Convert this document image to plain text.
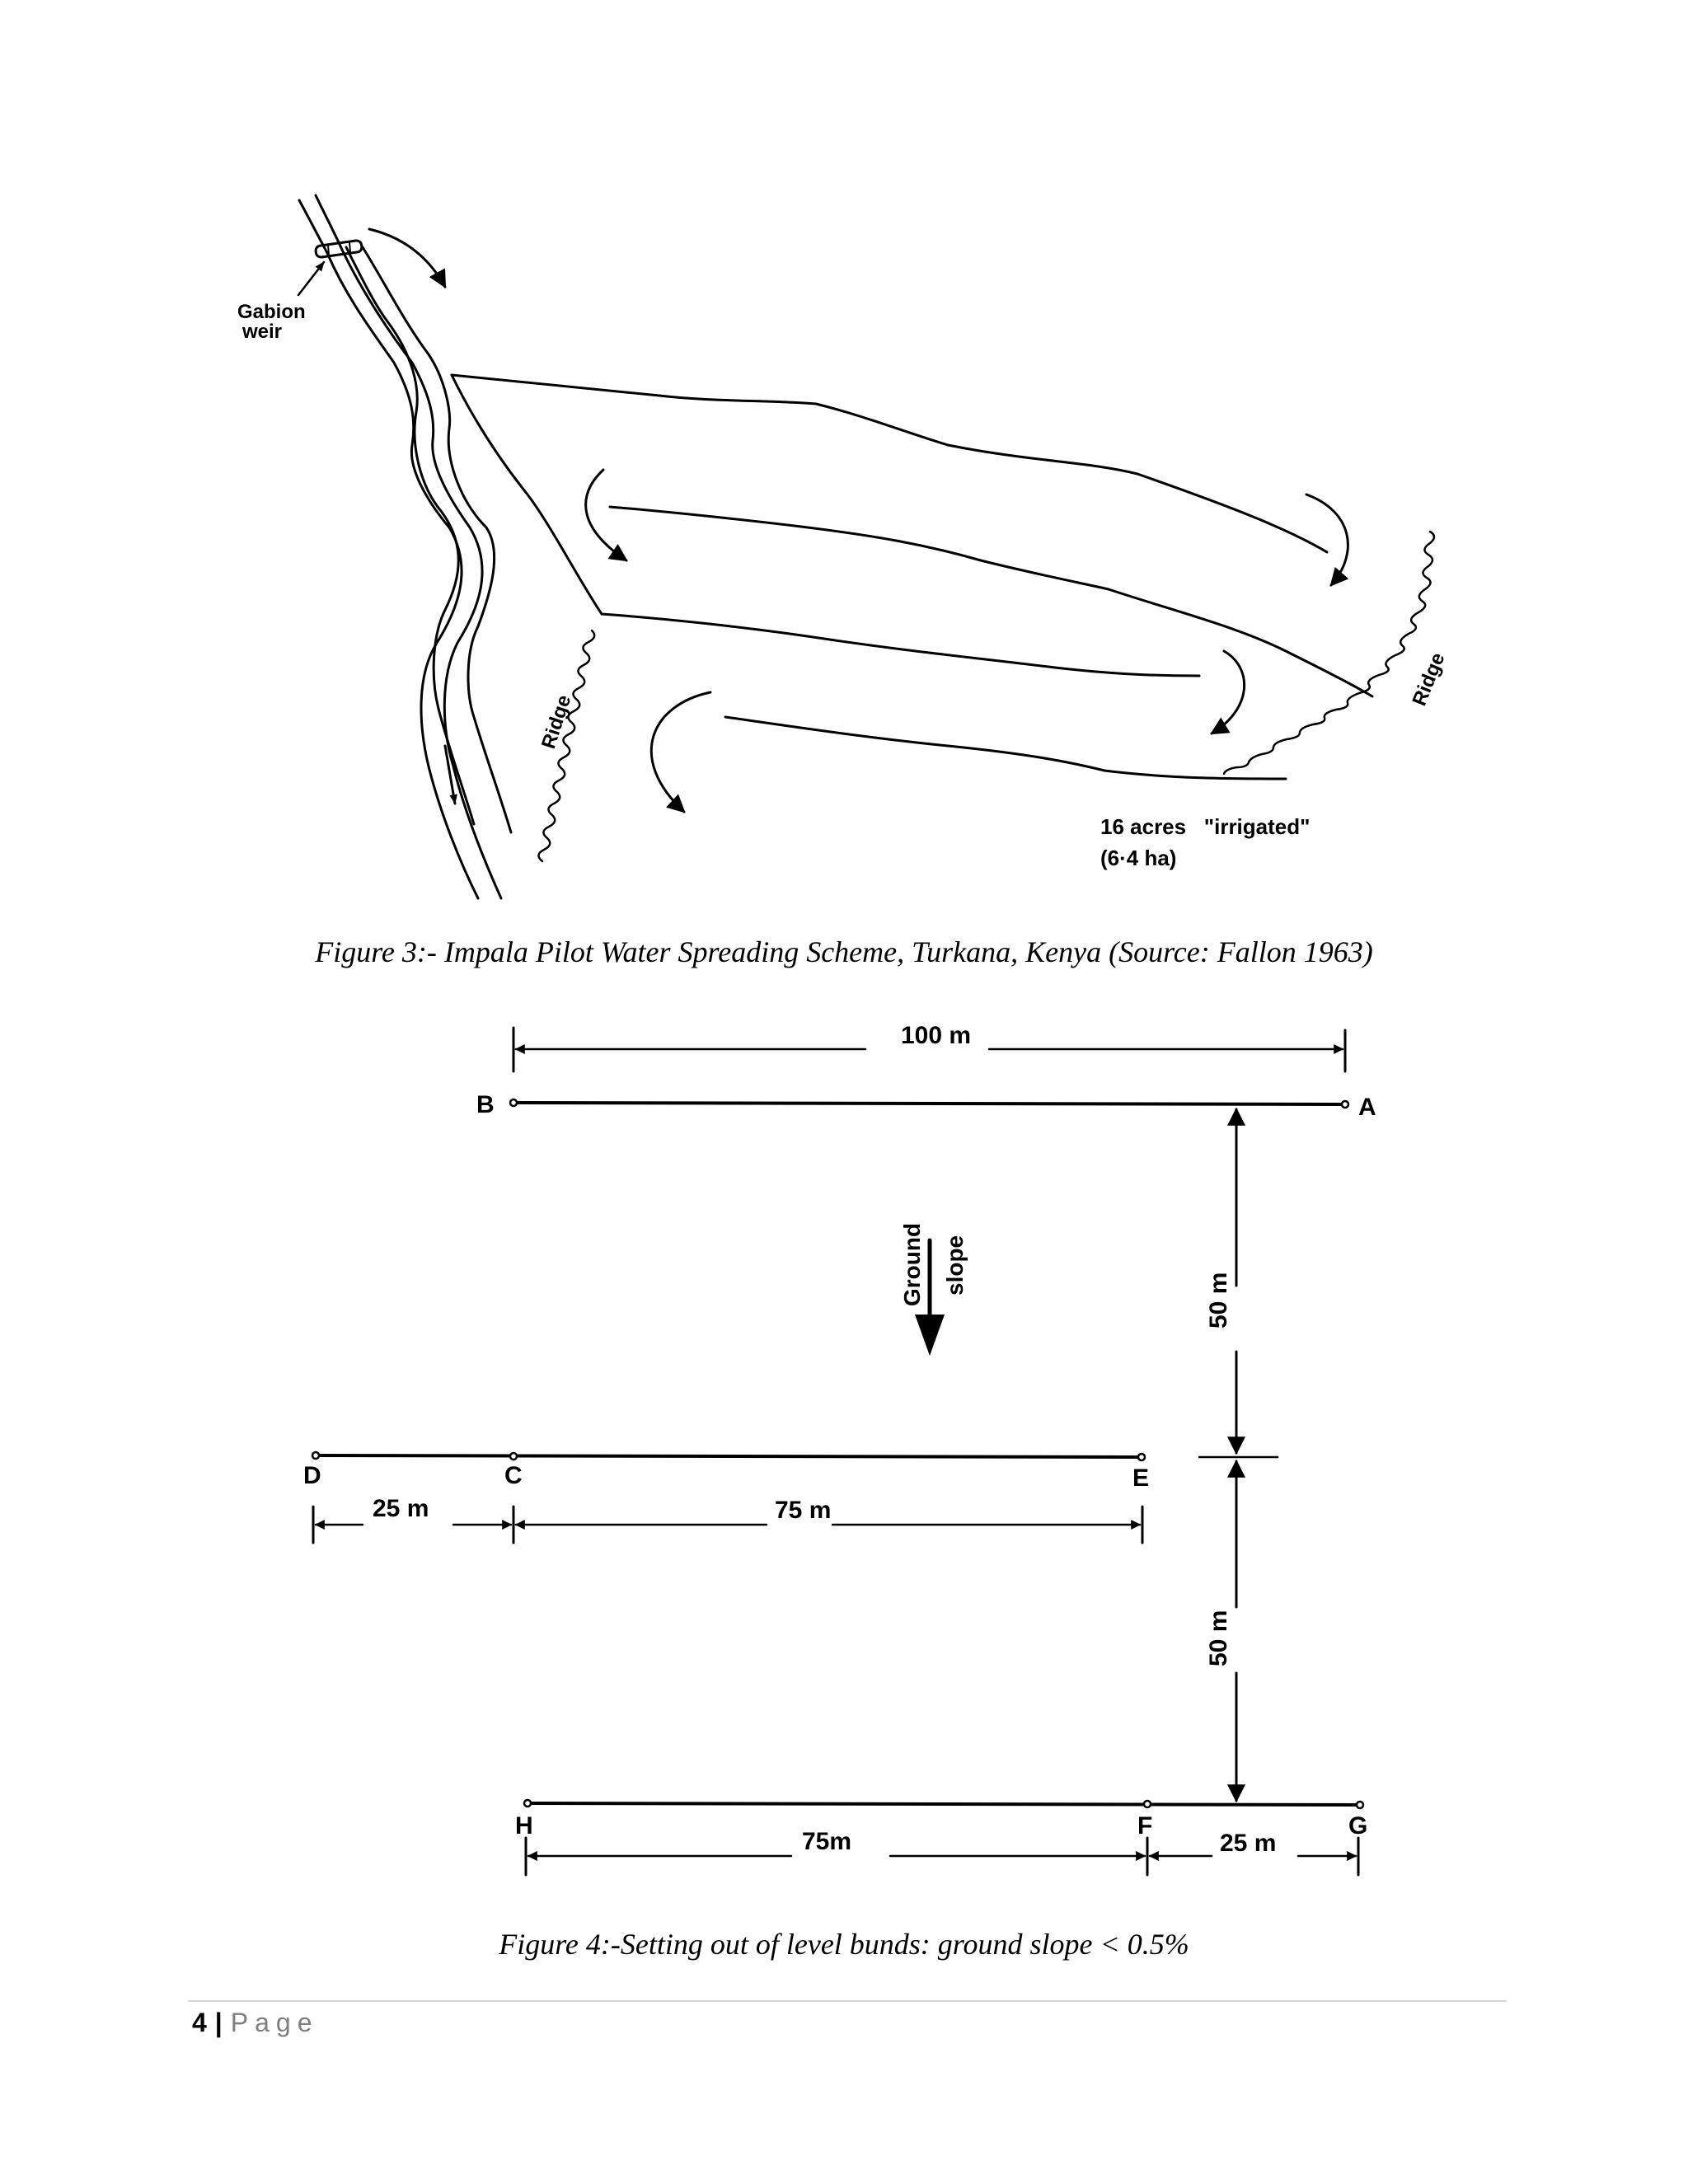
Gabion
weir
Ridge
Ridge
16 acres   "irrigated"
(6·4 ha)
100 m
B	A
Ground slope
50 m
50 m
D	C	E
25 m	75 m
H	F	G
75m	25 m
Figure 3:- Impala Pilot Water Spreading Scheme, Turkana, Kenya (Source: Fallon 1963)
Figure 4:-Setting out of level bunds: ground slope < 0.5%
4 | Page
